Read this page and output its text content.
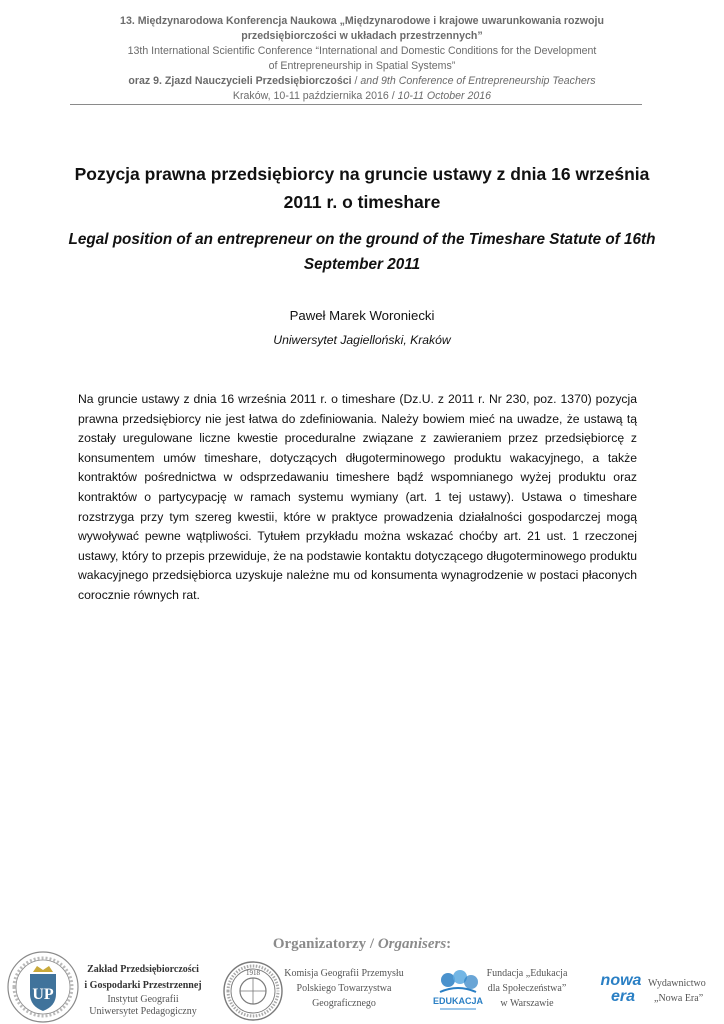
13. Międzynarodowa Konferencja Naukowa „Międzynarodowe i krajowe uwarunkowania rozwoju
przedsiębiorczości w układach przestrzennych”
13th International Scientific Conference “International and Domestic Conditions for the Development
of Entrepreneurship in Spatial Systems”
oraz 9. Zjazd Nauczycieli Przedsiębiorczości / and 9th Conference of Entrepreneurship Teachers
Kraków, 10-11 października 2016 / 10-11 October 2016
Pozycja prawna przedsiębiorcy na gruncie ustawy z dnia 16 września 2011 r. o timeshare
Legal position of an entrepreneur on the ground of the Timeshare Statute of 16th September 2011
Paweł Marek Woroniecki
Uniwersytet Jagielloński, Kraków
Na gruncie ustawy z dnia 16 września 2011 r. o timeshare (Dz.U. z 2011 r. Nr 230, poz. 1370) pozycja prawna przedsiębiorcy nie jest łatwa do zdefiniowania. Należy bowiem mieć na uwadze, że ustawą tą zostały uregulowane liczne kwestie proceduralne związane z zawieraniem przez przedsiębiorcę z konsumentem umów timeshare, dotyczących długoterminowego produktu wakacyjnego, a także kontraktów pośrednictwa w odsprzedawaniu timeshere bądź wspomnianego wyżej produktu oraz kontraktów o partycypację w ramach systemu wymiany (art. 1 tej ustawy). Ustawa o timeshare rozstrzyga przy tym szereg kwestii, które w praktyce prowadzenia działalności gospodarczej mogą wywoływać pewne wątpliwości. Tytułem przykładu można wskazać choćby art. 21 ust. 1 rzeczonej ustawy, który to przepis przewiduje, że na podstawie kontaktu dotyczącego długoterminowego produktu wakacyjnego przedsiębiorca uzyskuje należne mu od konsumenta wynagrodzenie w postaci płaconych corocznie równych rat.
Organizatorzy / Organisers:
UP
Zakład Przedsiębiorczości
i Gospodarki Przestrzennej
Instytut Geografii
Uniwersytet Pedagogiczny
1918 Komisja Geografii Przemysłu
Polskiego Towarzystwa
Geograficznego	EDUKACJA
Fundacja „Edukacja
dla Społeczeństwa”
w Warszawie
nowa
era
Wydawnictwo
„Nowa Era”
